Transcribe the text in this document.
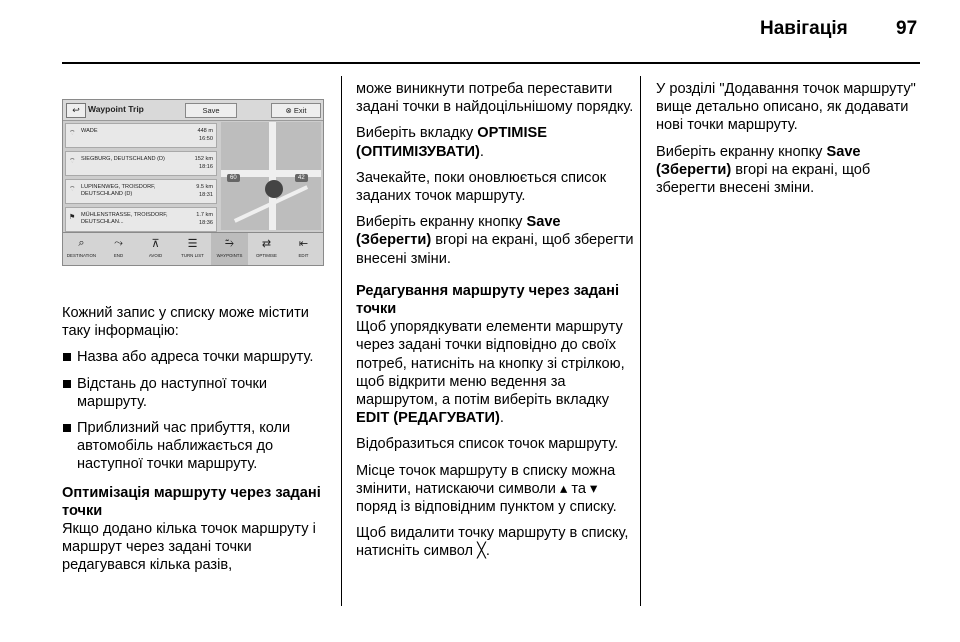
Навігація	97
↩ Waypoint Trip	Save	⊗ Exit
⌔ WADE	448 m
16:50
⌔ SIEGBURG, DEUTSCHLAND (D)	152 km
18:16
⌔ LUPINENWEG, TROISDORF, DEUTSCHLAND (D)
9.5 km
18:31
⚑ MÜHLENSTRASSE, TROISDORF, DEUTSCHLAN...
1.7 km
18:36
60	42
⌕
DESTINATION
⤳
END
⊼
AVOID
☰
TURN LIST
⥲
WAYPOINTS
⇄
OPTIMISE
⇤
EDIT

Кожний запис у списку може містити таку інформацію:

Назва або адреса точки маршруту.
Відстань до наступної точки маршруту.
Приблизний час прибуття, коли автомобіль наближається до наступної точки маршруту.

Оптимізація маршруту через задані точки

Якщо додано кілька точок маршруту і маршрут через задані точки редагувався кілька разів,

може виникнути потреба переставити задані точки в найдоцільнішому порядку.

Виберіть вкладку OPTIMISE (ОПТИМІЗУВАТИ).

Зачекайте, поки оновлюється список заданих точок маршруту.

Виберіть екранну кнопку Save (Зберегти) вгорі на екрані, щоб зберегти внесені зміни.

Редагування маршруту через задані точки

Щоб упорядкувати елементи маршруту через задані точки відповідно до своїх потреб, натисніть на кнопку зі стрілкою, щоб відкрити меню ведення за маршрутом, а потім виберіть вкладку EDIT (РЕДАГУВАТИ).

Відобразиться список точок маршруту.

Місце точок маршруту в списку можна змінити, натискаючи символи ▴ та ▾ поряд із відповідним пунктом у списку.

Щоб видалити точку маршруту в списку, натисніть символ ╳.

У розділі "Додавання точок маршруту" вище детально описано, як додавати нові точки маршруту.

Виберіть екранну кнопку Save (Зберегти) вгорі на екрані, щоб зберегти внесені зміни.
